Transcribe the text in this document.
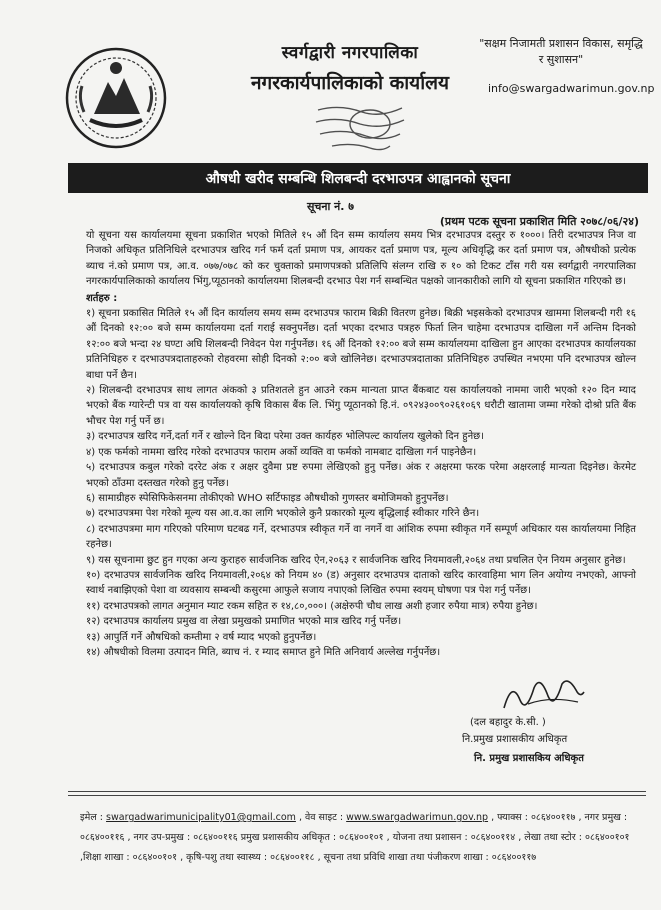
स्वर्गद्वारी नगरपालिका
नगरकार्यपालिकाको कार्यालय
"सक्षम निजामती प्रशासन विकास, समृद्धि र सुशासन"
info@swargadwarimun.gov.np
औषधी खरीद सम्बन्धि शिलबन्दी दरभाउपत्र आह्वानको सूचना
सूचना नं. ७
(प्रथम पटक सूचना प्रकाशित मिति २०७८/०६/२४)

यो सूचना यस कार्यालयमा सूचना प्रकाशित भएको मितिले १५ औं दिन सम्म कार्यालय समय भित्र दरभाउपत्र दस्तुर रु १०००। तिरी दरभाउपत्र निज वा निजको अधिकृत प्रतिनिधिले दरभाउपत्र खरिद गर्न फर्म दर्ता प्रमाण पत्र, आयकर दर्ता प्रमाण पत्र, मूल्य अधिवृद्धि कर दर्ता प्रमाण पत्र, औषधीको प्रत्येक ब्याच नं.को प्रमाण पत्र, आ.व. ०७७/०७८ को कर चुक्ताको प्रमाणपत्रको प्रतिलिपि संलग्न राखि रु १० को टिकट टाँस गरी यस स्वर्गद्वारी नगरपालिका नगरकार्यपालिकाको कार्यालय भिंगु,प्यूठानको कार्यालयमा शिलबन्दी दरभाउ पेश गर्न सम्बन्धित पक्षको जानकारीको लागि यो सूचना प्रकाशित गरिएको छ।

शर्तहरु :

१) सूचना प्रकासित मितिले १५ औं दिन कार्यालय समय सम्म दरभाउपत्र फाराम बिक्री वितरण हुनेछ। बिक्री भइसकेको दरभाउपत्र खाममा शिलबन्दी गरी १६ औं दिनको १२:०० बजे सम्म कार्यालयमा दर्ता गराई सक्नुपर्नेछ। दर्ता भएका दरभाउ पत्रहरु फिर्ता लिन चाहेमा दरभाउपत्र दाखिला गर्ने अन्तिम दिनको १२:०० बजे भन्दा २४ घण्टा अघि शिलबन्दी निवेदन पेश गर्नुपर्नेछ। १६ औं दिनको १२:०० बजे सम्म कार्यालयमा दाखिला हुन आएका दरभाउपत्र कार्यालयका प्रतिनिधिहरु र दरभाउपत्रदाताहरुको रोहवरमा सोही दिनको २:०० बजे खोलिनेछ। दरभाउपत्रदाताका प्रतिनिधिहरु उपस्थित नभएमा पनि दरभाउपत्र खोल्न बाधा पर्ने छैन।
२) शिलबन्दी दरभाउपत्र साथ लागत अंकको ३ प्रतिशतले हुन आउने रकम मान्यता प्राप्त बैंकबाट यस कार्यालयको नाममा जारी भएको १२० दिन म्याद भएको बैंक ग्यारेन्टी पत्र वा यस कार्यालयको कृषि विकास बैंक लि. भिंगु प्यूठानको हि.नं. ०९२४३००९०२६१०६९ धरौटी खातामा जम्मा गरेको दोश्रो प्रति बैंक भौचर पेश गर्नु पर्ने छ।
३) दरभाउपत्र खरिद गर्ने,दर्ता गर्ने र खोल्ने दिन बिदा परेमा उक्त कार्यहरु भोलिपल्ट कार्यालय खुलेको दिन हुनेछ।
४) एक फर्मको नाममा खरिद गरेको दरभाउपत्र फाराम अर्को व्यक्ति वा फर्मको नामबाट दाखिला गर्न पाइनेछैन।
५) दरभाउपत्र कबुल गरेको दररेट अंक र अक्षर दुवैमा प्रष्ट रुपमा लेखिएको हुनु पर्नेछ। अंक र अक्षरमा फरक परेमा अक्षरलाई मान्यता दिइनेछ। केरमेट भएको ठाँउमा दस्तखत गरेको हुनु पर्नेछ।
६) सामाग्रीहरु स्पेसिफिकेसनमा तोकीएको WHO सर्टिफाइड औषधीको गुणस्तर बमोजिमको हुनुपर्नेछ।
७) दरभाउपत्रमा पेश गरेको मूल्य यस आ.व.का लागि भएकोले कुनै प्रकारको मूल्य बृद्धिलाई स्वीकार गरिने छैन।
८) दरभाउपत्रमा माग गरिएको परिमाण घटबढ गर्ने, दरभाउपत्र स्वीकृत गर्ने वा नगर्ने वा आंशिक रुपमा स्वीकृत गर्ने सम्पूर्ण अधिकार यस कार्यालयमा निहित रहनेछ।
९) यस सूचनामा छुट हुन गएका अन्य कुराहरु सार्वजनिक खरिद ऐन,२०६३ र सार्वजनिक खरिद नियमावली,२०६४ तथा प्रचलित ऐन नियम अनुसार हुनेछ।
१०) दरभाउपत्र सार्वजनिक खरिद नियमावली,२०६४ को नियम ४० (ड) अनुसार दरभाउपत्र दाताको खरिद कारवाहिमा भाग लिन अयोग्य नभएको, आफ्नो स्वार्थ नबाझिएको पेशा वा व्यवसाय सम्बन्धी कसुरमा आफुले सजाय नपाएको लिखित रुपमा स्वयम् घोषणा पत्र पेश गर्नु पर्नेछ।
११) दरभाउपत्रको लागत अनुमान म्याट रकम सहित रु १४,८०,०००। (अक्षेरुपी चौध लाख अशी हजार रुपैया मात्र) रुपैया हुनेछ।
१२) दरभाउपत्र कार्यालय प्रमुख वा लेखा प्रमुखको प्रमाणित भएको मात्र खरिद गर्नु पर्नेछ।
१३) आपुर्ति गर्ने औषधिको कम्तीमा २ वर्ष म्याद भएको हुनुपर्नेछ।
१४) औषधीको विलमा उत्पादन मिति, ब्याच नं. र म्याद समाप्त हुने मिति अनिवार्य अल्लेख गर्नुपर्नेछ।
(दल बहादुर के.सी. )
नि.प्रमुख प्रशासकीय अधिकृत
नि. प्रमुख प्रशासकिय अधिकृत
इमेल : swargadwarimunicipality01@gmail.com , वेव साइट : www.swargadwarimun.gov.np , फ्याक्स : ०८६४००११७ , नगर प्रमुख : ०८६४००११६ , नगर उप-प्रमुख : ०८६४००११६ प्रमुख प्रशासकीय अधिकृत : ०८६४००१०१ , योजना तथा प्रशासन : ०८६४००११४ , लेखा तथा स्टोर : ०८६४००१०१ ,शिक्षा शाखा : ०८६४००१०१ , कृषि-पशु तथा स्वास्थ्य : ०८६४००११८ , सूचना तथा प्रविधि शाखा तथा पंजीकरण शाखा : ०८६४००११७
